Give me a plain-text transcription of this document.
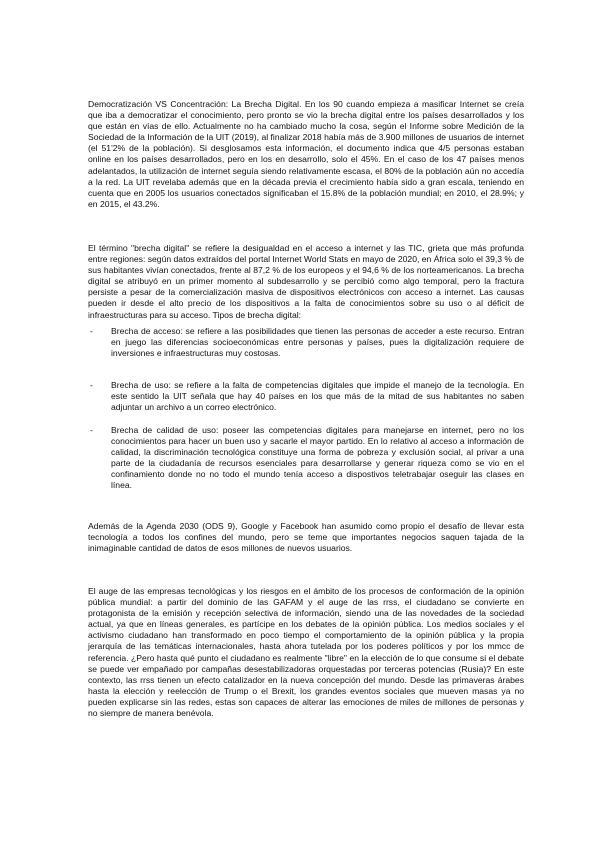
Democratización VS Concentración: La Brecha Digital. En los 90 cuando empieza a masificar Internet se creía que iba a democratizar el conocimiento, pero pronto se vio la brecha digital entre los países desarrollados y los que están en vías de ello. Actualmente no ha cambiado mucho la cosa, según el Informe sobre Medición de la Sociedad de la Información de la UIT (2019), al finalizar 2018 había más de 3.900 millones de usuarios de internet (el 51'2% de la población). Si desglosamos esta información, el documento indica que 4/5 personas estaban online en los países desarrollados, pero en los en desarrollo, solo el 45%. En el caso de los 47 países menos adelantados, la utilización de internet seguía siendo relativamente escasa, el 80% de la población aún no accedía a la red. La UIT revelaba además que en la década previa el crecimiento había sido a gran escala, teniendo en cuenta que en 2005 los usuarios conectados significaban el 15.8% de la población mundial; en 2010, el 28.9%; y en 2015, el 43.2%.

El término "brecha digital" se refiere la desigualdad en el acceso a internet y las TIC, grieta que más profunda entre regiones: según datos extraídos del portal Internet World Stats en mayo de 2020, en África solo el 39,3 % de sus habitantes vivían conectados, frente al 87,2 % de los europeos y el 94,6 % de los norteamericanos. La brecha digital se atribuyó en un primer momento al subdesarrollo y se percibió como algo temporal, pero la fractura persiste a pesar de la comercialización masiva de dispositivos electrónicos con acceso a internet. Las causas pueden ir desde el alto precio de los dispositivos a la falta de conocimientos sobre su uso o al déficit de infraestructuras para su acceso. Tipos de brecha digital:

- Brecha de acceso: se refiere a las posibilidades que tienen las personas de acceder a este recurso. Entran en juego las diferencias socioeconómicas entre personas y países, pues la digitalización requiere de inversiones e infraestructuras muy costosas.

- Brecha de uso: se refiere a la falta de competencias digitales que impide el manejo de la tecnología. En este sentido la UIT señala que hay 40 países en los que más de la mitad de sus habitantes no saben adjuntar un archivo a un correo electrónico.

- Brecha de calidad de uso: poseer las competencias digitales para manejarse en internet, pero no los conocimientos para hacer un buen uso y sacarle el mayor partido. En lo relativo al acceso a información de calidad, la discriminación tecnológica constituye una forma de pobreza y exclusión social, al privar a una parte de la ciudadanía de recursos esenciales para desarrollarse y generar riqueza como se vio en el confinamiento donde no no todo el mundo tenía acceso a dispostivos teletrabajar oseguir las clases en línea.

Además de la Agenda 2030 (ODS 9), Google y Facebook han asumido como propio el desafío de llevar esta tecnología a todos los confines del mundo, pero se teme que importantes negocios saquen tajada de la inimaginable cantidad de datos de esos millones de nuevos usuarios.

El auge de las empresas tecnológicas y los riesgos en el ámbito de los procesos de conformación de la opinión pública mundial: a partir del dominio de las GAFAM y el auge de las rrss, el ciudadano se convierte en protagonista de la emisión y recepción selectiva de información, siendo una de las novedades de la sociedad actual, ya que en líneas generales, es partícipe en los debates de la opinión pública. Los medios sociales y el activismo ciudadano han transformado en poco tiempo el comportamiento de la opinión pública y la propia jerarquía de las temáticas internacionales, hasta ahora tutelada por los poderes políticos y por los mmcc de referencia. ¿Pero hasta qué punto el ciudadano es realmente "libre" en la elección de lo que consume si el debate se puede ver empañado por campañas desestabilizadoras orquestadas por terceras potencias (Rusia)? En este contexto, las rrss tienen un efecto catalizador en la nueva concepción del mundo. Desde las primaveras árabes hasta la elección y reelección de Trump o el Brexit, los grandes eventos sociales que mueven masas ya no pueden explicarse sin las redes, estas son capaces de alterar las emociones de miles de millones de personas y no siempre de manera benévola.
